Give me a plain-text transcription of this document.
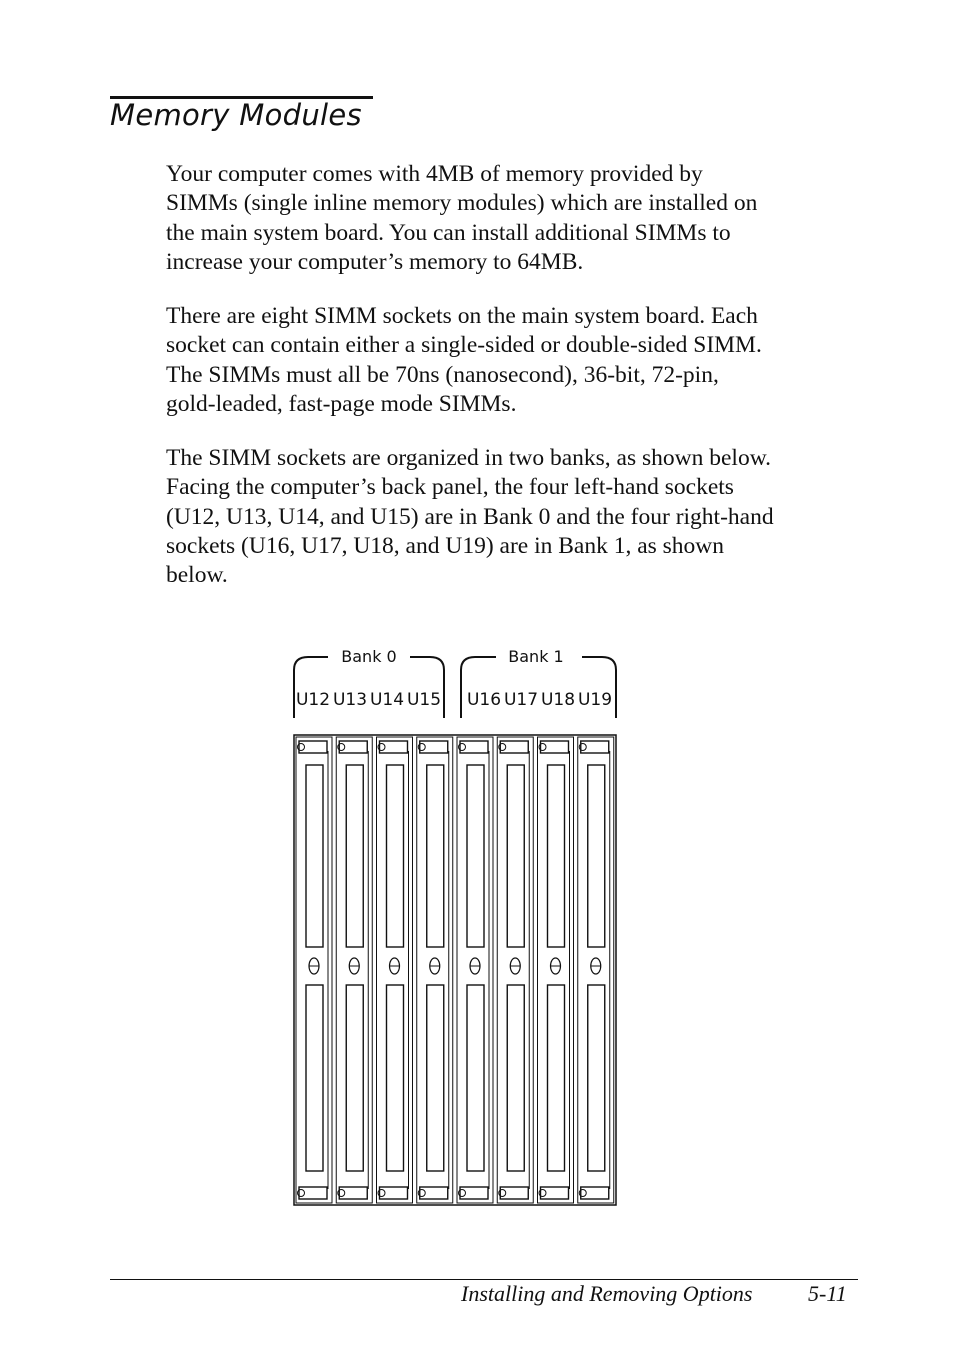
Memory Modules
Your computer comes with 4MB of memory provided by
SIMMs (single inline memory modules) which are installed on
the main system board. You can install additional SIMMs to
increase your computer’s memory to 64MB.
There are eight SIMM sockets on the main system board. Each
socket can contain either a single-sided or double-sided SIMM.
The SIMMs must all be 70ns (nanosecond), 36-bit, 72-pin,
gold-leaded, fast-page mode SIMMs.
The SIMM sockets are organized in two banks, as shown below.
Facing the computer’s back panel, the four left-hand sockets
(U12, U13, U14, and U15) are in Bank 0 and the four right-hand
sockets (U16, U17, U18, and U19) are in Bank 1, as shown
below.
Bank 0
U12 U13 U14 U15
Bank 1
U16 U17 U18 U19
Installing and Removing Options	5-11
